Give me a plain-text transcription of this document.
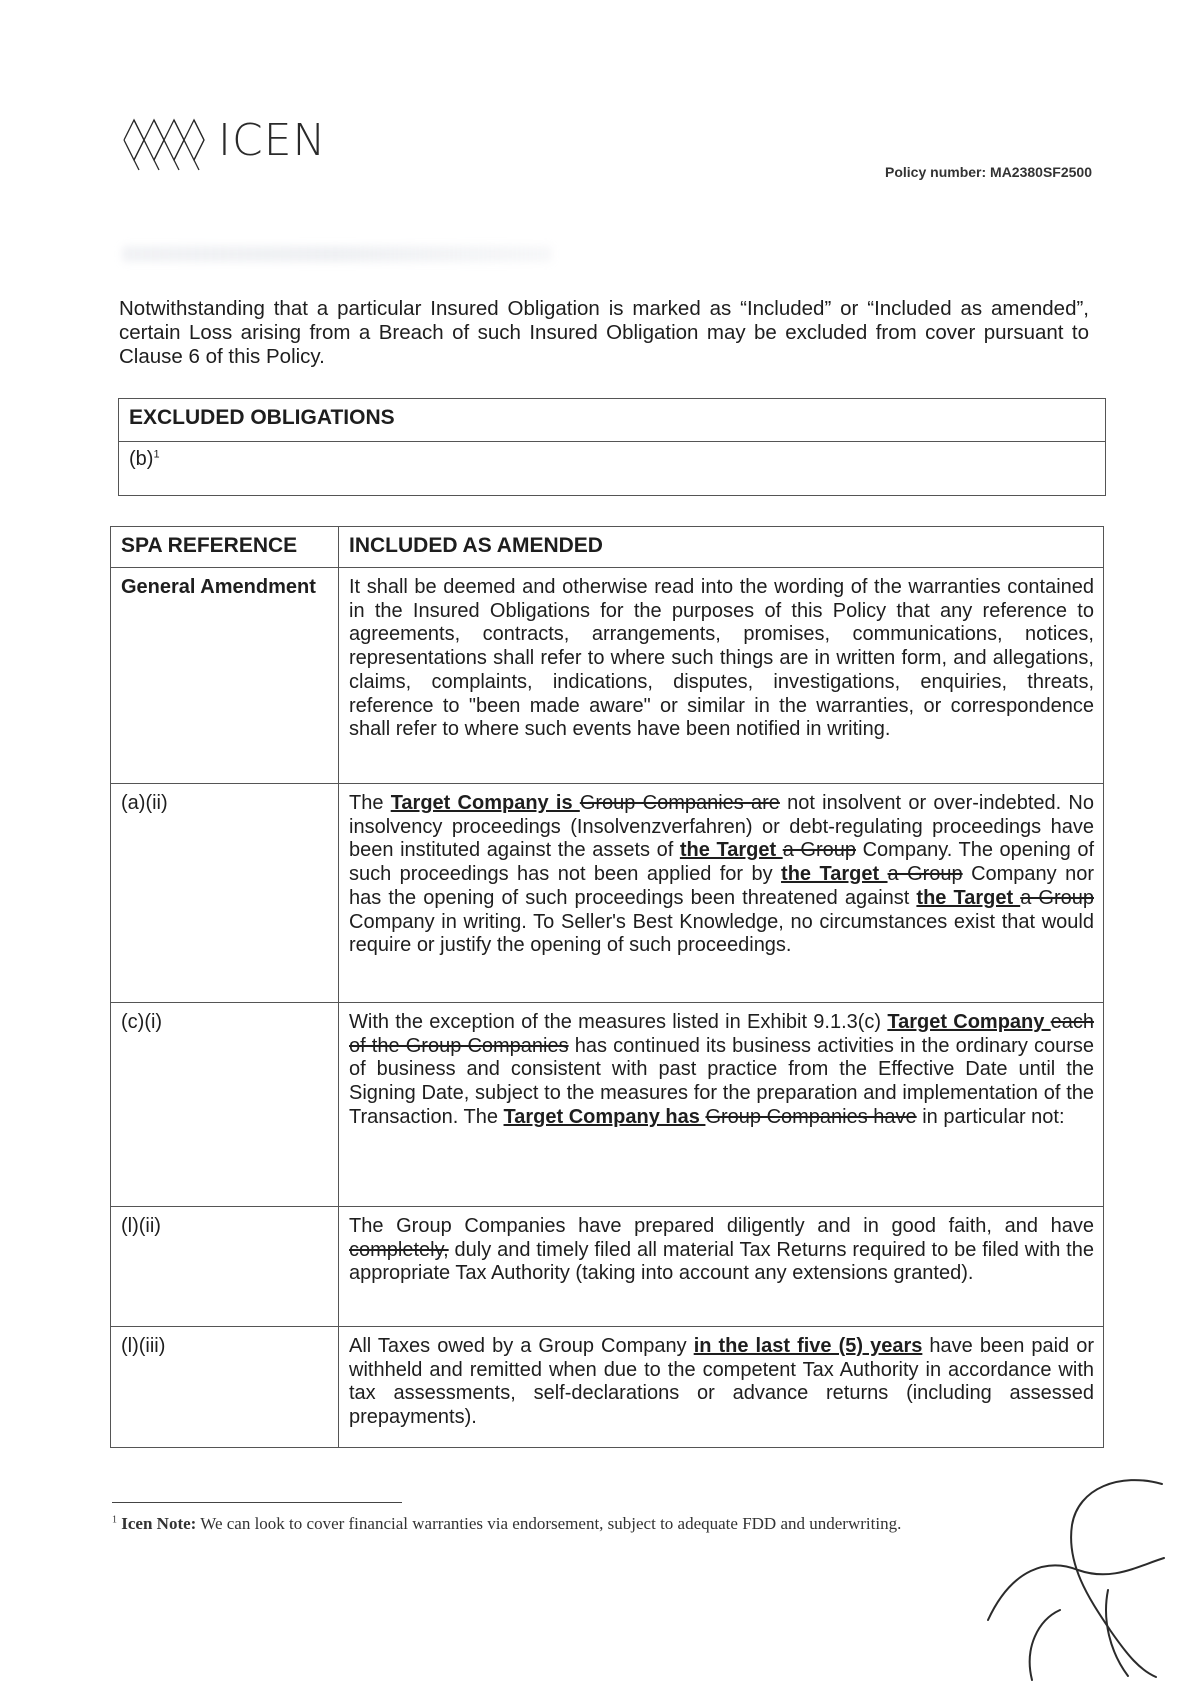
ICEN
Policy number: MA2380SF2500

Notwithstanding that a particular Insured Obligation is marked as “Included” or “Included as amended”, certain Loss arising from a Breach of such Insured Obligation may be excluded from cover pursuant to Clause 6 of this Policy.

EXCLUDED OBLIGATIONS
$(b)^1$
SPA REFERENCE	INCLUDED AS AMENDED
General Amendment	It shall be deemed and otherwise read into the wording of the warranties contained in the Insured Obligations for the purposes of this Policy that any reference to agreements, contracts, arrangements, promises, communications, notices, representations shall refer to where such things are in written form, and allegations, claims, complaints, indications, disputes, investigations, enquiries, threats, reference to "been made aware" or similar in the warranties, or correspondence shall refer to where such events have been notified in writing.
(a)(ii)	The Target Company is Group Companies are not insolvent or over-indebted. No insolvency proceedings (Insolvenzverfahren) or debt-regulating proceedings have been instituted against the assets of the Target a Group Company. The opening of such proceedings has not been applied for by the Target a Group Company nor has the opening of such proceedings been threatened against the Target a Group Company in writing. To Seller's Best Knowledge, no circumstances exist that would require or justify the opening of such proceedings.
(c)(i)	With the exception of the measures listed in Exhibit 9.1.3(c) Target Company each of the Group Companies has continued its business activities in the ordinary course of business and consistent with past practice from the Effective Date until the Signing Date, subject to the measures for the preparation and implementation of the Transaction. The Target Company has Group Companies have in particular not:
(l)(ii)	The Group Companies have prepared diligently and in good faith, and have completely, duly and timely filed all material Tax Returns required to be filed with the appropriate Tax Authority (taking into account any extensions granted).
(l)(iii)	All Taxes owed by a Group Company in the last five (5) years have been paid or withheld and remitted when due to the competent Tax Authority in accordance with tax assessments, self-declarations or advance returns (including assessed prepayments).
$^1$ Icen Note: We can look to cover financial warranties via endorsement, subject to adequate FDD and underwriting.
